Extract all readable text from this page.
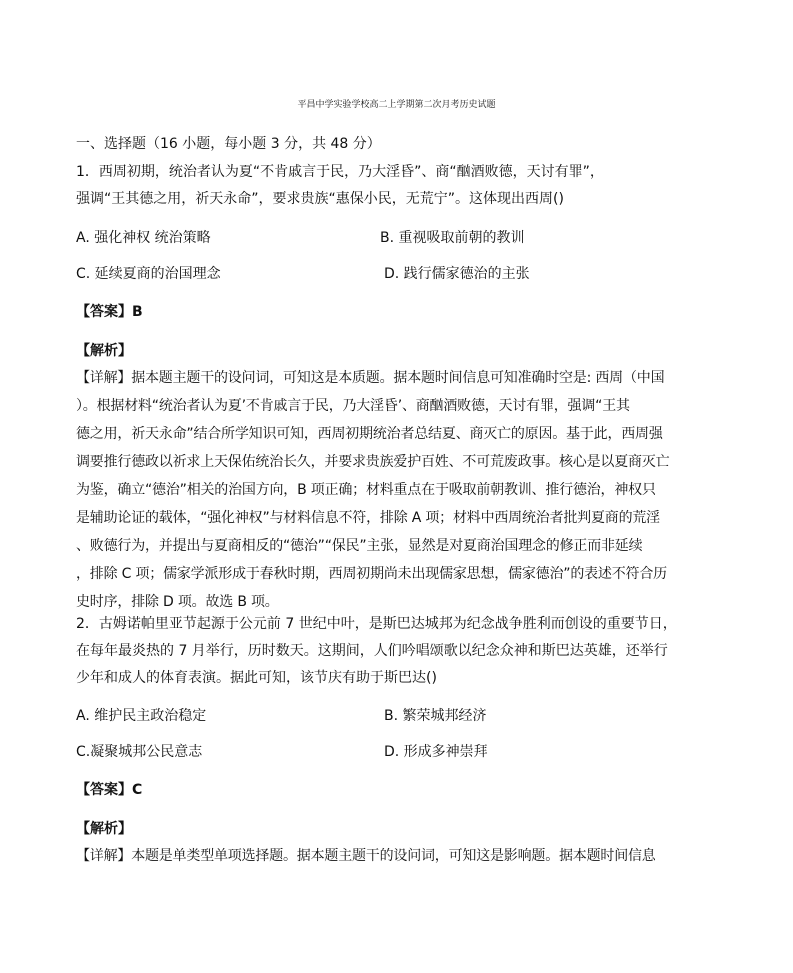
平昌中学实验学校高二上学期第二次月考历史试题
一、选择题（16 小题，每小题 3 分，共 48 分）
1．西周初期，统治者认为夏“不肯戚言于民，乃大淫昏”、商“酗酒败德，天讨有罪”，
强调“王其德之用，祈天永命”，要求贵族“惠保小民，无荒宁”。这体现出西周()
A. 强化神权 统治策略	B. 重视吸取前朝的教训
C. 延续夏商的治国理念	D. 践行儒家德治的主张
【答案】B
【解析】
【详解】据本题主题干的设问词，可知这是本质题。据本题时间信息可知准确时空是: 西周（中国
）。根据材料“统治者认为夏’不肯戚言于民，乃大淫昏’、商酗酒败德，天讨有罪，强调“王其
德之用，祈天永命”结合所学知识可知，西周初期统治者总结夏、商灭亡的原因。基于此，西周强
调要推行德政以祈求上天保佑统治长久，并要求贵族爱护百姓、不可荒废政事。核心是以夏商灭亡
为鉴，确立“德治”相关的治国方向，B 项正确；材料重点在于吸取前朝教训、推行德治，神权只
是辅助论证的载体，“强化神权”与材料信息不符，排除 A 项；材料中西周统治者批判夏商的荒淫
、败德行为，并提出与夏商相反的“德治”“保民”主张，显然是对夏商治国理念的修正而非延续
，排除 C 项；儒家学派形成于春秋时期，西周初期尚未出现儒家思想，儒家德治”的表述不符合历
史时序，排除 D 项。故选 B 项。
2．古姆诺帕里亚节起源于公元前 7 世纪中叶，是斯巴达城邦为纪念战争胜利而创设的重要节日，
在每年最炎热的 7 月举行，历时数天。这期间，人们吟唱颂歌以纪念众神和斯巴达英雄，还举行
少年和成人的体育表演。据此可知，该节庆有助于斯巴达()
A. 维护民主政治稳定	B. 繁荣城邦经济
C.凝聚城邦公民意志	D. 形成多神崇拜
【答案】C
【解析】
【详解】本题是单类型单项选择题。据本题主题干的设问词，可知这是影响题。据本题时间信息
